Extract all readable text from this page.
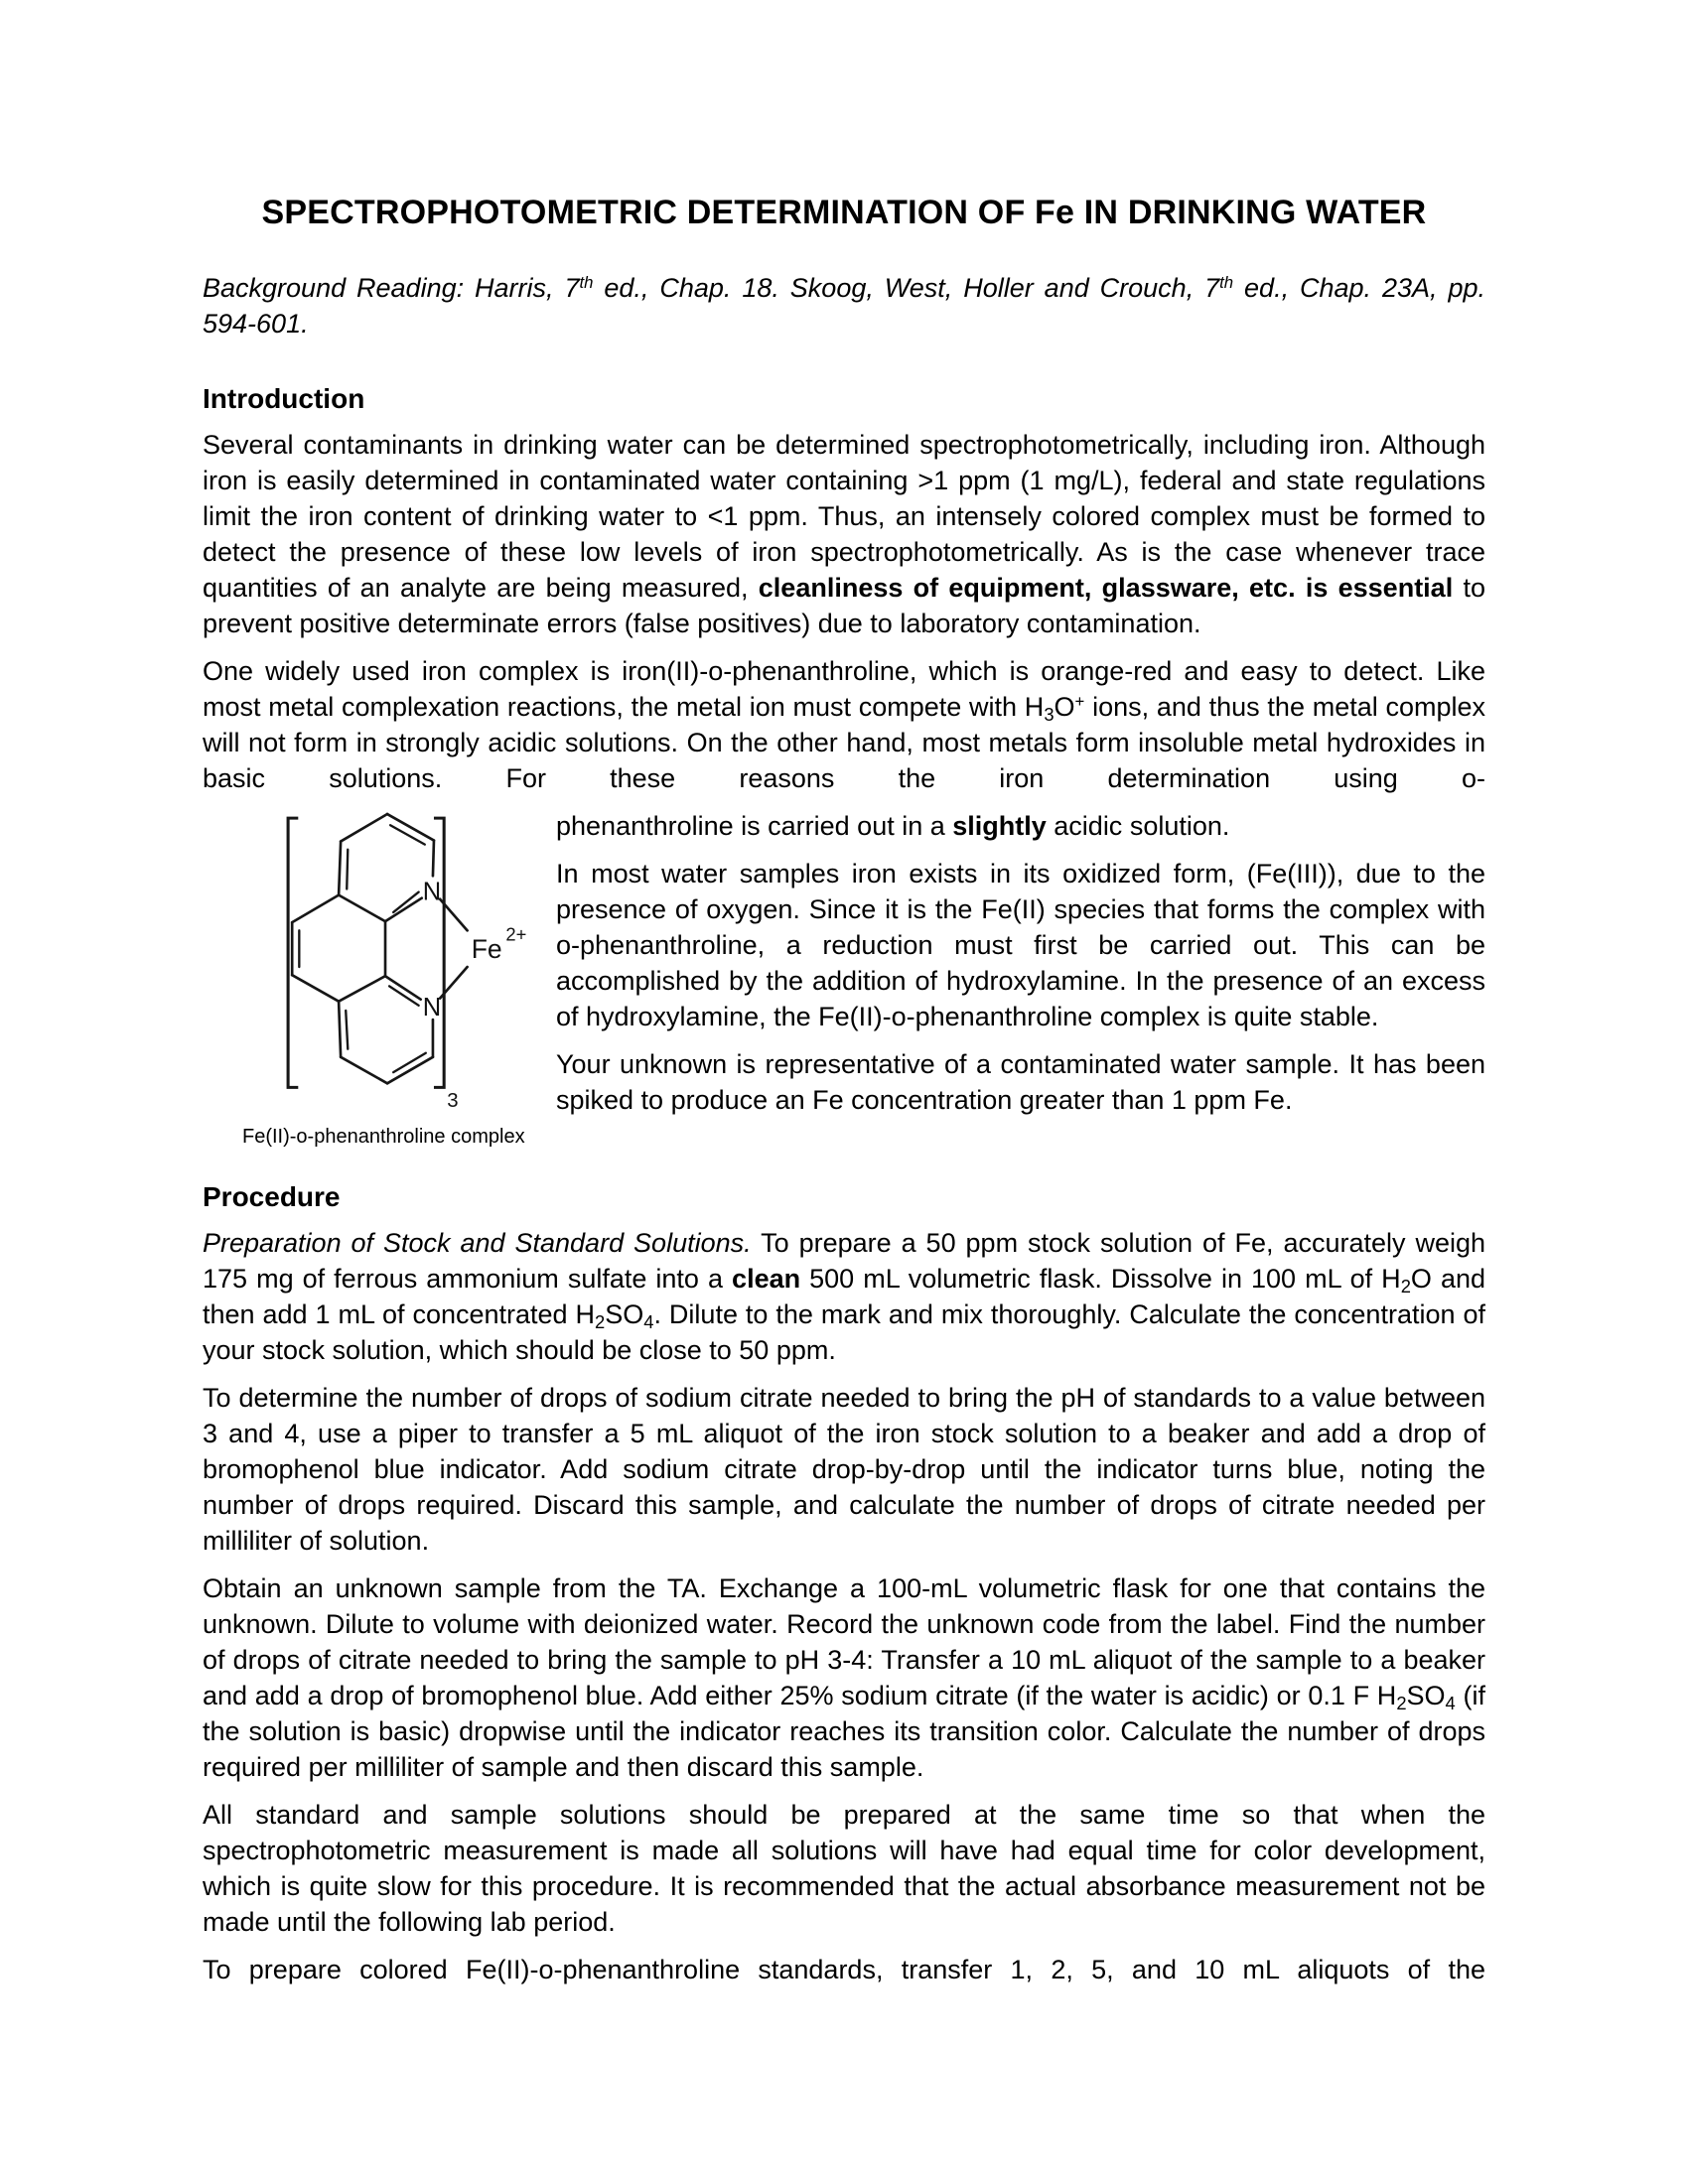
SPECTROPHOTOMETRIC DETERMINATION OF Fe IN DRINKING WATER

Background Reading: Harris, 7th ed., Chap. 18. Skoog, West, Holler and Crouch, 7th ed., Chap. 23A, pp. 594-601.

Introduction

Several contaminants in drinking water can be determined spectrophotometrically, including iron. Although iron is easily determined in contaminated water containing >1 ppm (1 mg/L), federal and state regulations limit the iron content of drinking water to <1 ppm. Thus, an intensely colored complex must be formed to detect the presence of these low levels of iron spectrophotometrically. As is the case whenever trace quantities of an analyte are being measured, cleanliness of equipment, glassware, etc. is essential to prevent positive determinate errors (false positives) due to laboratory contamination.

One widely used iron complex is iron(II)-o-phenanthroline, which is orange-red and easy to detect. Like most metal complexation reactions, the metal ion must compete with H3O+ ions, and thus the metal complex will not form in strongly acidic solutions. On the other hand, most metals form insoluble metal hydroxides in basic solutions. For these reasons the iron determination using o-

N
N
Fe 2+
3
Fe(II)-o-phenanthroline complex

phenanthroline is carried out in a slightly acidic solution.

In most water samples iron exists in its oxidized form, (Fe(III)), due to the presence of oxygen. Since it is the Fe(II) species that forms the complex with o-phenanthroline, a reduction must first be carried out. This can be accomplished by the addition of hydroxylamine. In the presence of an excess of hydroxylamine, the Fe(II)-o-phenanthroline complex is quite stable.

Your unknown is representative of a contaminated water sample. It has been spiked to produce an Fe concentration greater than 1 ppm Fe.

Procedure

Preparation of Stock and Standard Solutions. To prepare a 50 ppm stock solution of Fe, accurately weigh 175 mg of ferrous ammonium sulfate into a clean 500 mL volumetric flask. Dissolve in 100 mL of H2O and then add 1 mL of concentrated H2SO4. Dilute to the mark and mix thoroughly. Calculate the concentration of your stock solution, which should be close to 50 ppm.

To determine the number of drops of sodium citrate needed to bring the pH of standards to a value between 3 and 4, use a piper to transfer a 5 mL aliquot of the iron stock solution to a beaker and add a drop of bromophenol blue indicator. Add sodium citrate drop-by-drop until the indicator turns blue, noting the number of drops required. Discard this sample, and calculate the number of drops of citrate needed per milliliter of solution.

Obtain an unknown sample from the TA. Exchange a 100-mL volumetric flask for one that contains the unknown. Dilute to volume with deionized water. Record the unknown code from the label. Find the number of drops of citrate needed to bring the sample to pH 3-4: Transfer a 10 mL aliquot of the sample to a beaker and add a drop of bromophenol blue. Add either 25% sodium citrate (if the water is acidic) or 0.1 F H2SO4 (if the solution is basic) dropwise until the indicator reaches its transition color. Calculate the number of drops required per milliliter of sample and then discard this sample.

All standard and sample solutions should be prepared at the same time so that when the spectrophotometric measurement is made all solutions will have had equal time for color development, which is quite slow for this procedure. It is recommended that the actual absorbance measurement not be made until the following lab period.

To prepare colored Fe(II)-o-phenanthroline standards, transfer 1, 2, 5, and 10 mL aliquots of the
